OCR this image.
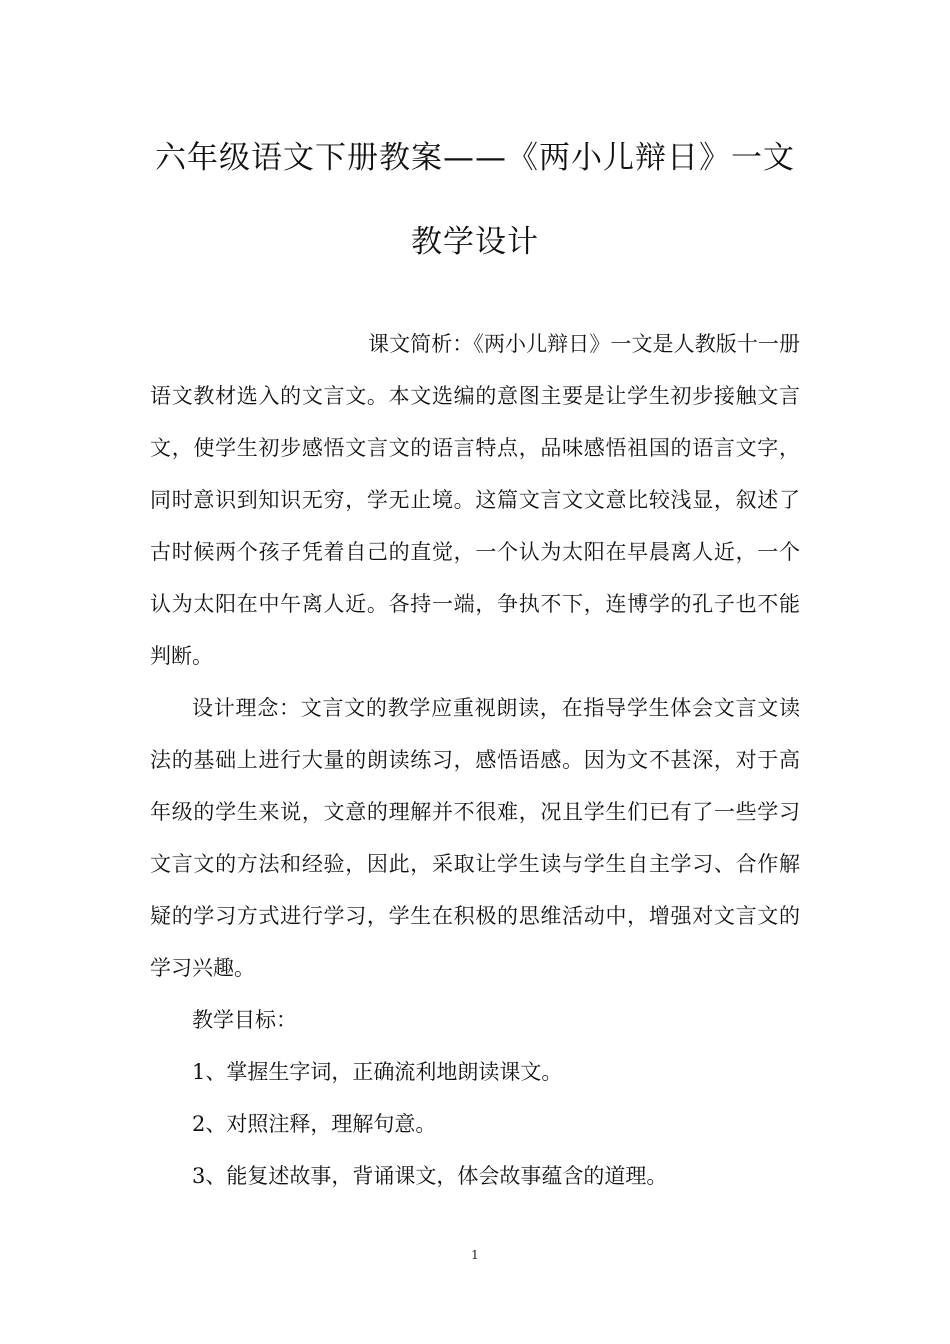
六年级语文下册教案——《两小儿辩日》一文教学设计

课文简析：《两小儿辩日》一文是人教版十一册语文教材选入的文言文。本文选编的意图主要是让学生初步接触文言文，使学生初步感悟文言文的语言特点，品味感悟祖国的语言文字，同时意识到知识无穷，学无止境。这篇文言文文意比较浅显，叙述了古时候两个孩子凭着自己的直觉，一个认为太阳在早晨离人近，一个认为太阳在中午离人近。各持一端，争执不下，连博学的孔子也不能判断。

设计理念：文言文的教学应重视朗读，在指导学生体会文言文读法的基础上进行大量的朗读练习，感悟语感。因为文不甚深，对于高年级的学生来说，文意的理解并不很难，况且学生们已有了一些学习文言文的方法和经验，因此，采取让学生读与学生自主学习、合作解疑的学习方式进行学习，学生在积极的思维活动中，增强对文言文的学习兴趣。

教学目标：

1、掌握生字词，正确流利地朗读课文。

2、对照注释，理解句意。

3、能复述故事，背诵课文，体会故事蕴含的道理。

1
